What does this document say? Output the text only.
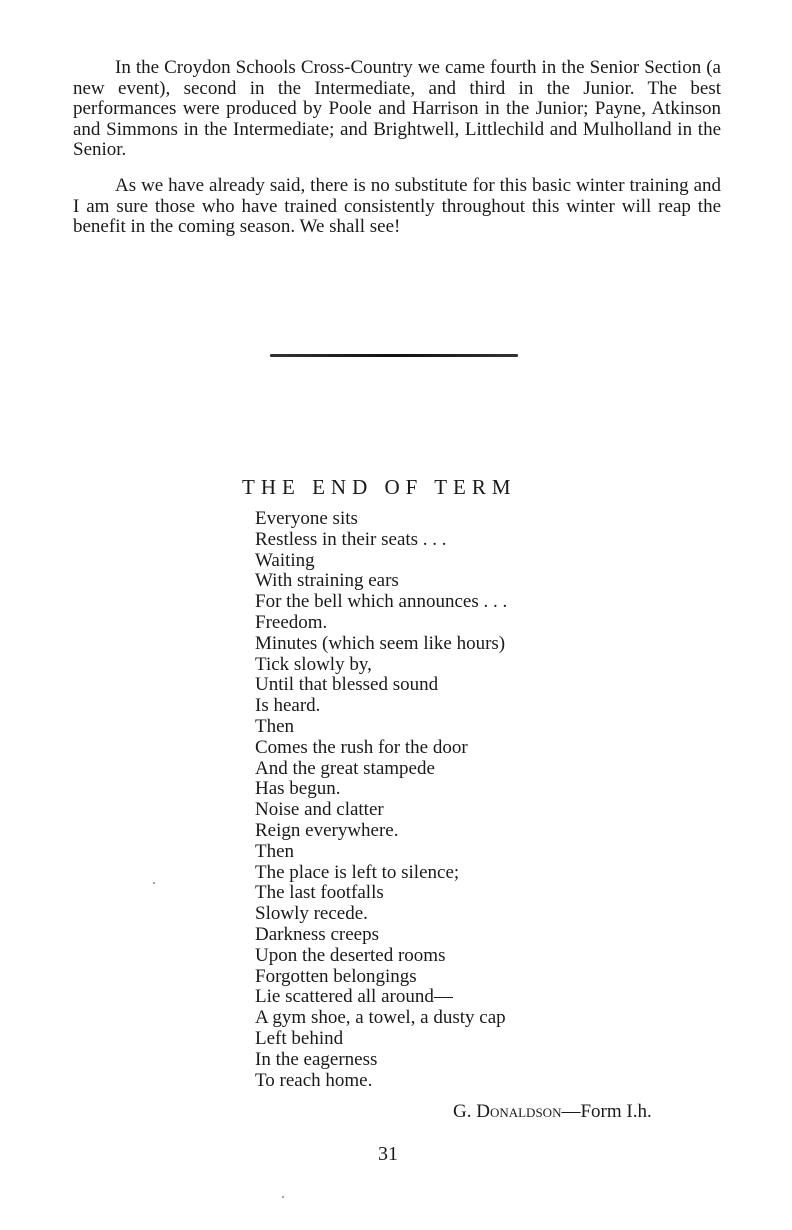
In the Croydon Schools Cross-Country we came fourth in the Senior Section (a new event), second in the Intermediate, and third in the Junior. The best performances were produced by Poole and Harrison in the Junior; Payne, Atkinson and Simmons in the Intermediate; and Brightwell, Littlechild and Mulholland in the Senior.

As we have already said, there is no substitute for this basic winter training and I am sure those who have trained consistently throughout this winter will reap the benefit in the coming season. We shall see!

THE END OF TERM
Everyone sits
Restless in their seats . . .
Waiting
With straining ears
For the bell which announces . . .
Freedom.
Minutes (which seem like hours)
Tick slowly by,
Until that blessed sound
Is heard.
Then
Comes the rush for the door
And the great stampede
Has begun.
Noise and clatter
Reign everywhere.
Then
The place is left to silence;
The last footfalls
Slowly recede.
Darkness creeps
Upon the deserted rooms
Forgotten belongings
Lie scattered all around—
A gym shoe, a towel, a dusty cap
Left behind
In the eagerness
To reach home.
G. Donaldson—Form I.h.
31
